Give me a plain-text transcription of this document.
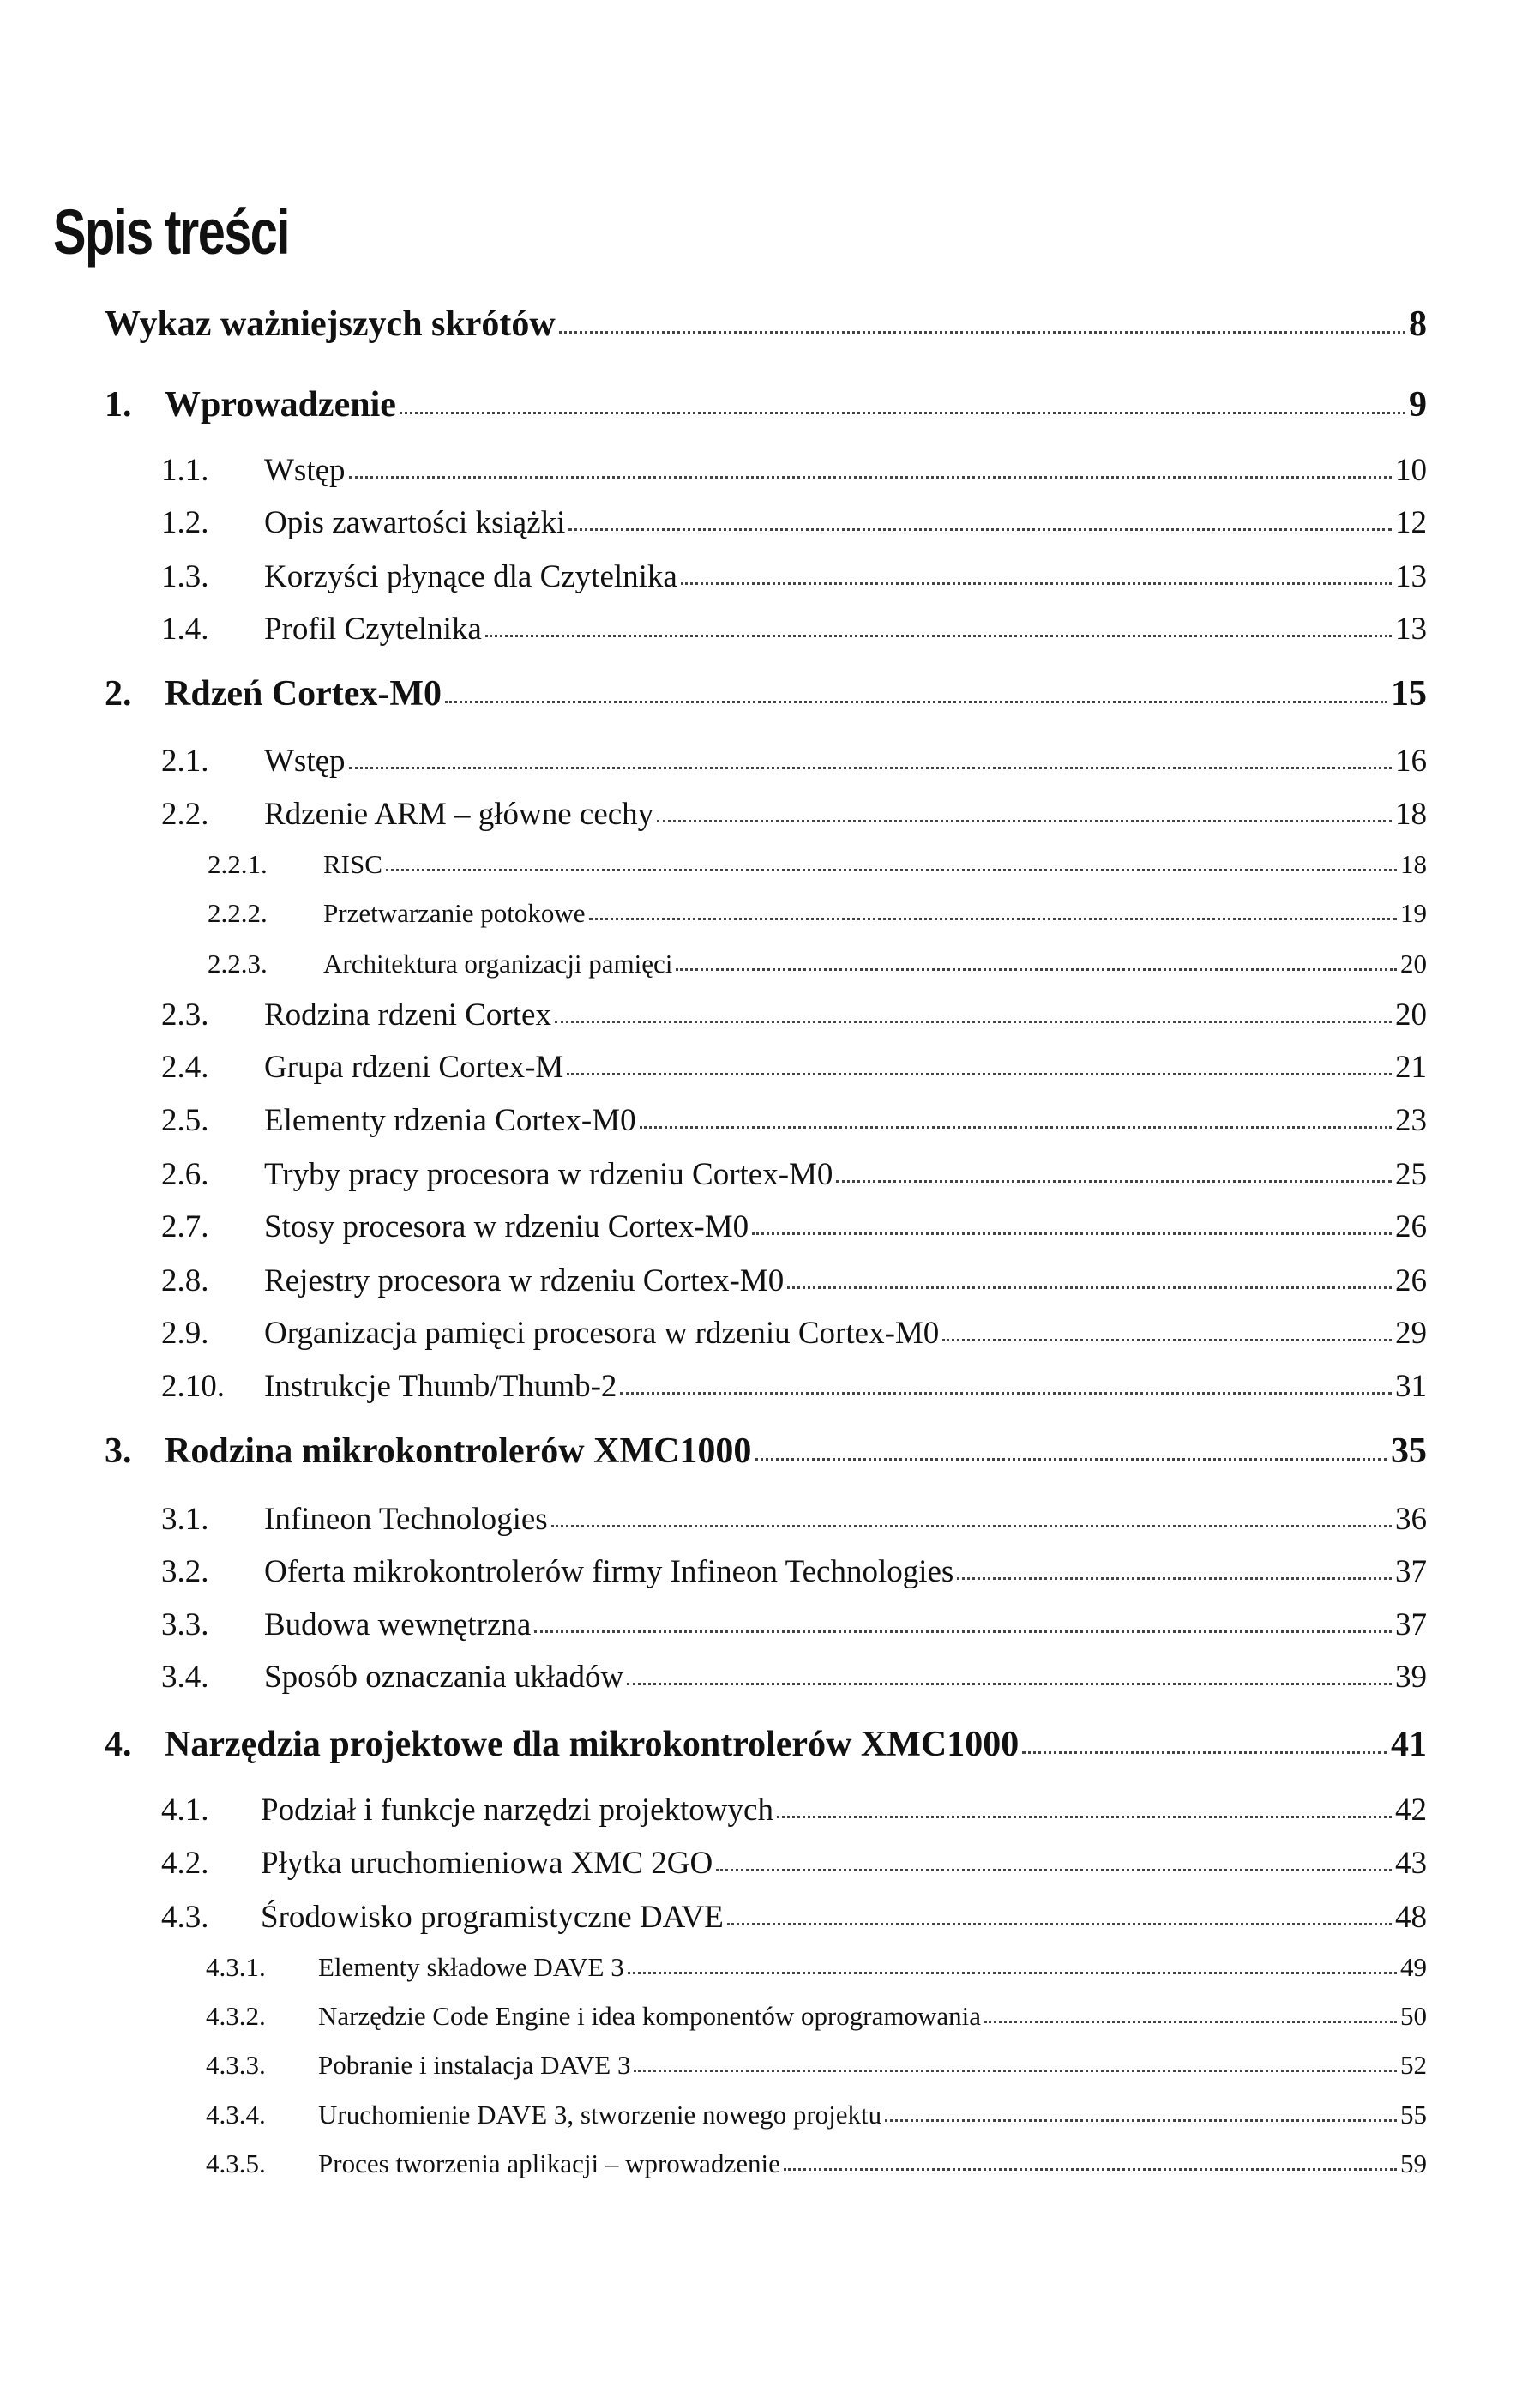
Spis treści
Wykaz ważniejszych skrótów	8
1. Wprowadzenie	9
1.1. Wstęp	10
1.2. Opis zawartości książki	12
1.3. Korzyści płynące dla Czytelnika	13
1.4. Profil Czytelnika	13
2. Rdzeń Cortex-M0	15
2.1. Wstęp	16
2.2. Rdzenie ARM – główne cechy	18
2.2.1. RISC	18
2.2.2. Przetwarzanie potokowe	19
2.2.3. Architektura organizacji pamięci	20
2.3. Rodzina rdzeni Cortex	20
2.4. Grupa rdzeni Cortex-M	21
2.5. Elementy rdzenia Cortex-M0	23
2.6. Tryby pracy procesora w rdzeniu Cortex-M0	25
2.7. Stosy procesora w rdzeniu Cortex-M0	26
2.8. Rejestry procesora w rdzeniu Cortex-M0	26
2.9. Organizacja pamięci procesora w rdzeniu Cortex-M0	29
2.10. Instrukcje Thumb/Thumb-2	31
3. Rodzina mikrokontrolerów XMC1000	35
3.1. Infineon Technologies	36
3.2. Oferta mikrokontrolerów firmy Infineon Technologies	37
3.3. Budowa wewnętrzna	37
3.4. Sposób oznaczania układów	39
4. Narzędzia projektowe dla mikrokontrolerów XMC1000	41
4.1. Podział i funkcje narzędzi projektowych	42
4.2. Płytka uruchomieniowa XMC 2GO	43
4.3. Środowisko programistyczne DAVE	48
4.3.1. Elementy składowe DAVE 3	49
4.3.2. Narzędzie Code Engine i idea komponentów oprogramowania	50
4.3.3. Pobranie i instalacja DAVE 3	52
4.3.4. Uruchomienie DAVE 3, stworzenie nowego projektu	55
4.3.5. Proces tworzenia aplikacji – wprowadzenie	59
